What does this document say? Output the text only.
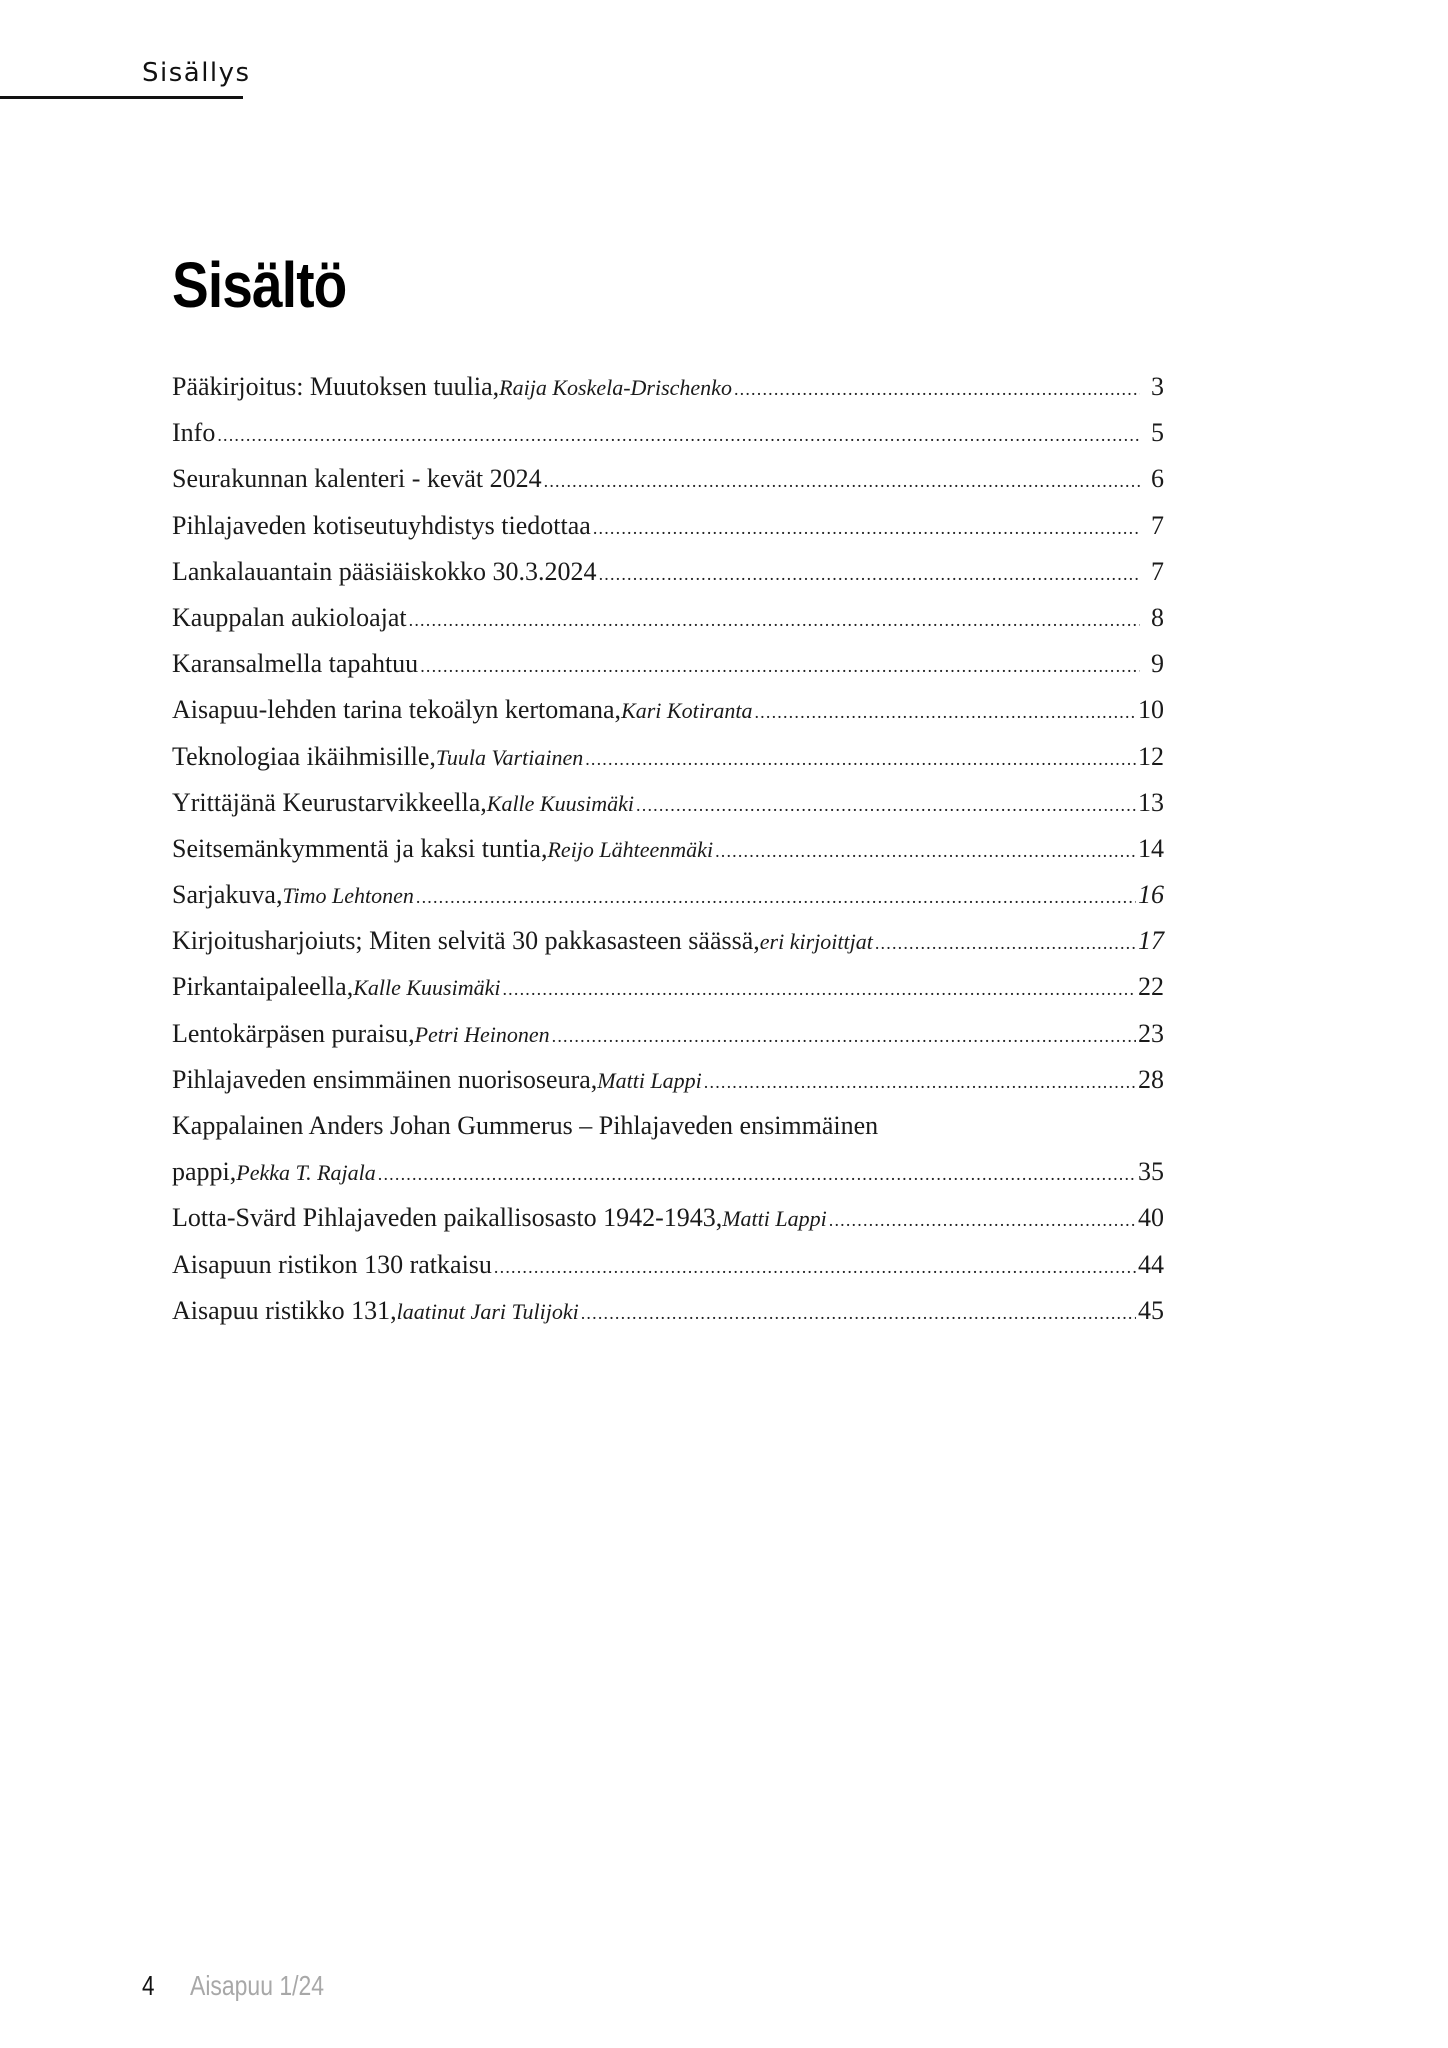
Sisällys
Sisältö
Pääkirjoitus: Muutoksen tuulia, Raija Koskela-Drischenko .....	3
Info .....	5
Seurakunnan kalenteri - kevät 2024 .....	6
Pihlajaveden kotiseutuyhdistys tiedottaa .....	7
Lankalauantain pääsiäiskokko 30.3.2024 .....	7
Kauppalan aukioloajat .....	8
Karansalmella tapahtuu .....	9
Aisapuu-lehden tarina tekoälyn kertomana, Kari Kotiranta .....	10
Teknologiaa ikäihmisille, Tuula Vartiainen .....	12
Yrittäjänä Keurustarvikkeella, Kalle Kuusimäki .....	13
Seitsemänkymmentä ja kaksi tuntia, Reijo Lähteenmäki .....	14
Sarjakuva, Timo Lehtonen .....	16
Kirjoitusharjoiuts; Miten selvitä 30 pakkasasteen säässä, eri kirjoittjat .....	17
Pirkantaipaleella, Kalle Kuusimäki .....	22
Lentokärpäsen puraisu, Petri Heinonen .....	23
Pihlajaveden ensimmäinen nuorisoseura, Matti Lappi .....	28
Kappalainen Anders Johan Gummerus – Pihlajaveden ensimmäinen
pappi, Pekka T. Rajala .....	35
Lotta-Svärd Pihlajaveden paikallisosasto 1942-1943, Matti Lappi .....	40
Aisapuun ristikon 130 ratkaisu .....	44
Aisapuu ristikko 131, laatinut Jari Tulijoki .....	45
4 Aisapuu 1/24
